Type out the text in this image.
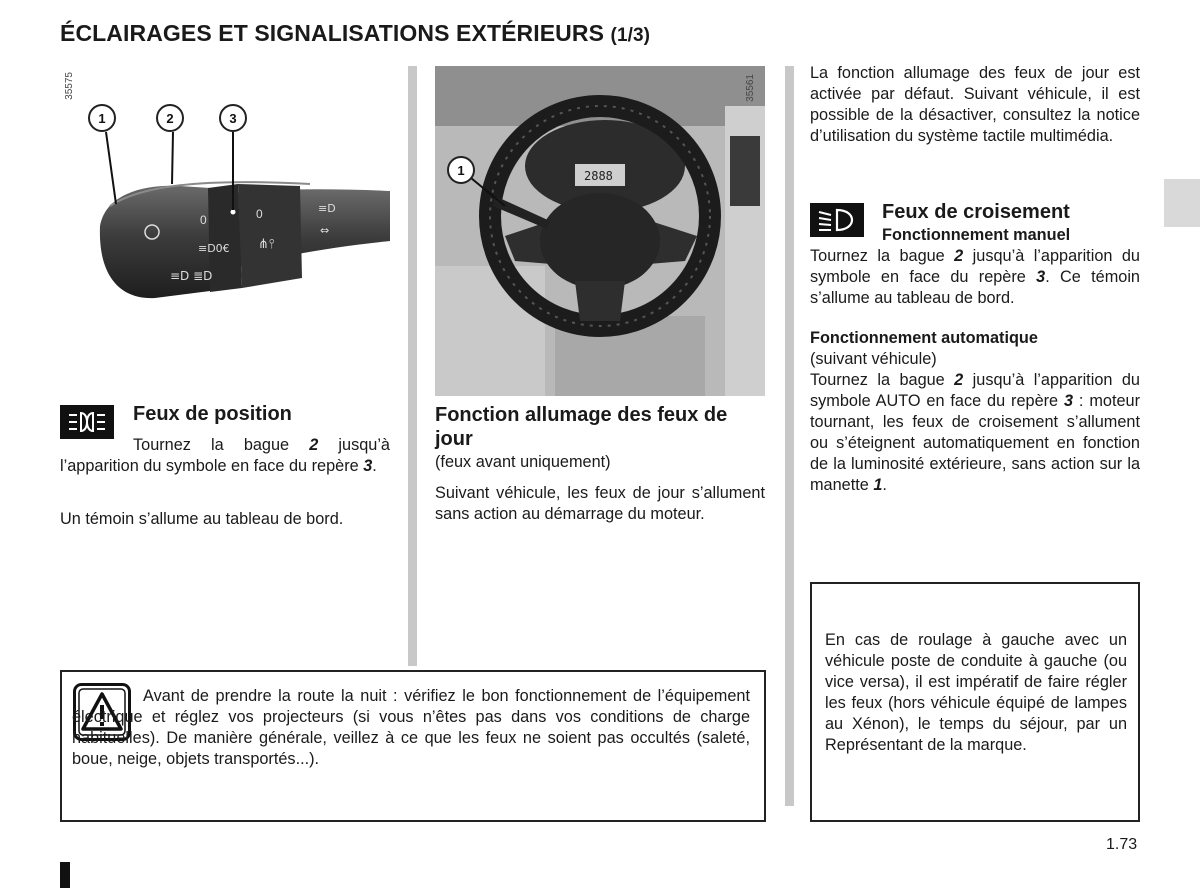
ÉCLAIRAGES ET SIGNALISATIONS EXTÉRIEURS (1/3)
35575
0	0
≡D0€
≡D ≣D
⋔⫯
≡D
⇔
1	2	3
2888
35561
1
Feux de position
Tournez la bague 2 jusqu’à l’apparition du symbole en face du repère 3.
Un témoin s’allume au tableau de bord.
Fonction allumage des feux de jour
(feux avant uniquement)
Suivant véhicule, les feux de jour s’allument sans action au démarrage du moteur.
La fonction allumage des feux de jour est activée par défaut. Suivant véhicule, il est possible de la désactiver, consultez la notice d’utilisation du système tactile multimédia.
Feux de croisement
Fonctionnement manuel
Tournez la bague 2 jusqu’à l’apparition du symbole en face du repère 3. Ce témoin s’allume au tableau de bord.
Fonctionnement automatique
(suivant véhicule)
Tournez la bague 2 jusqu’à l’apparition du symbole AUTO en face du repère 3 : moteur tournant, les feux de croisement s’allument ou s’éteignent automatiquement en fonction de la luminosité extérieure, sans action sur la manette 1.
En cas de roulage à gauche avec un véhicule poste de conduite à gauche (ou vice versa), il est impératif de faire régler les feux (hors véhicule équipé de lampes au Xénon), le temps du séjour, par un Représentant de la marque.
Avant de prendre la route la nuit : vérifiez le bon fonctionnement de l’équipement électrique et réglez vos projecteurs (si vous n’êtes pas dans vos conditions de charge habituelles). De manière générale, veillez à ce que les feux ne soient pas occultés (saleté, boue, neige, objets transportés...).
1.73
